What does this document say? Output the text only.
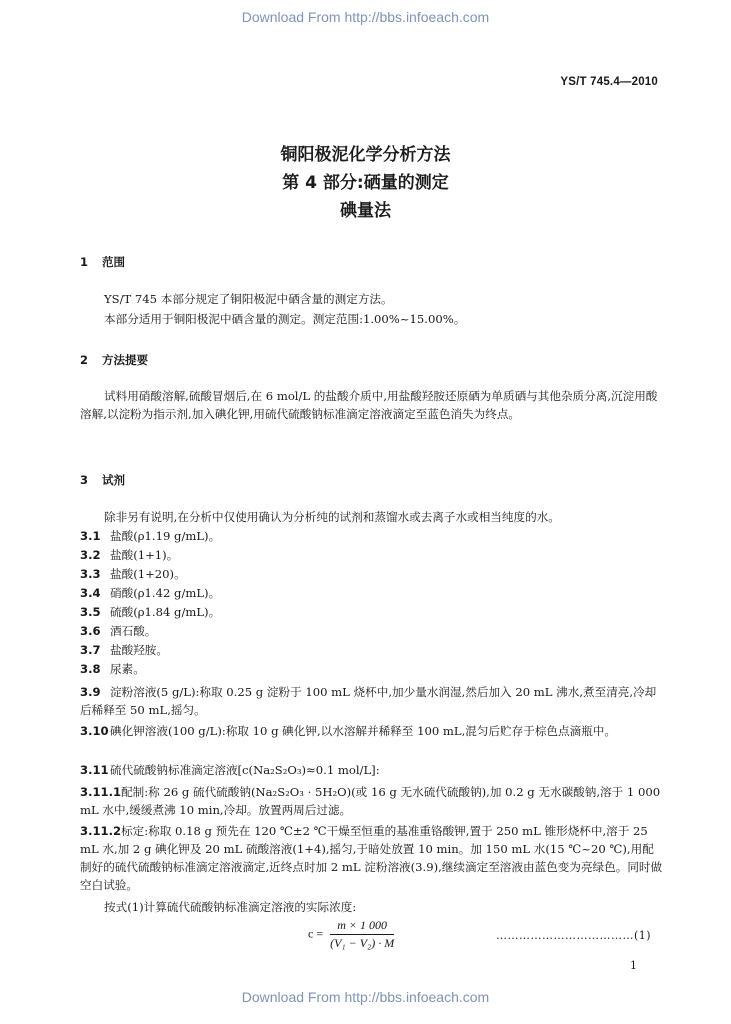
Download From http://bbs.infoeach.com
YS/T 745.4—2010
铜阳极泥化学分析方法
第 4 部分:硒量的测定
碘量法
1 范围
YS/T 745 本部分规定了铜阳极泥中硒含量的测定方法。
本部分适用于铜阳极泥中硒含量的测定。测定范围:1.00%~15.00%。
2 方法提要
试料用硝酸溶解,硫酸冒烟后,在 6 mol/L 的盐酸介质中,用盐酸羟胺还原硒为单质硒与其他杂质分离,沉淀用酸溶解,以淀粉为指示剂,加入碘化钾,用硫代硫酸钠标准滴定溶液滴定至蓝色消失为终点。
3 试剂
除非另有说明,在分析中仅使用确认为分析纯的试剂和蒸馏水或去离子水或相当纯度的水。
3.1 盐酸(ρ1.19 g/mL)。
3.2 盐酸(1+1)。
3.3 盐酸(1+20)。
3.4 硝酸(ρ1.42 g/mL)。
3.5 硫酸(ρ1.84 g/mL)。
3.6 酒石酸。
3.7 盐酸羟胺。
3.8 尿素。
3.9 淀粉溶液(5 g/L):称取 0.25 g 淀粉于 100 mL 烧杯中,加少量水润湿,然后加入 20 mL 沸水,煮至清亮,冷却后稀释至 50 mL,摇匀。
3.10碘化钾溶液(100 g/L):称取 10 g 碘化钾,以水溶解并稀释至 100 mL,混匀后贮存于棕色点滴瓶中。
3.11硫代硫酸钠标准滴定溶液[c(Na₂S₂O₃)≈0.1 mol/L]:
3.11.1配制:称 26 g 硫代硫酸钠(Na₂S₂O₃ · 5H₂O)(或 16 g 无水硫代硫酸钠),加 0.2 g 无水碳酸钠,溶于 1 000 mL 水中,缓缓煮沸 10 min,冷却。放置两周后过滤。
3.11.2标定:称取 0.18 g 预先在 120 ℃±2 ℃干燥至恒重的基准重铬酸钾,置于 250 mL 锥形烧杯中,溶于 25 mL 水,加 2 g 碘化钾及 20 mL 硫酸溶液(1+4),摇匀,于暗处放置 10 min。加 150 mL 水(15 ℃~20 ℃),用配制好的硫代硫酸钠标准滴定溶液滴定,近终点时加 2 mL 淀粉溶液(3.9),继续滴定至溶液由蓝色变为亮绿色。同时做空白试验。
按式(1)计算硫代硫酸钠标准滴定溶液的实际浓度:
$c = \frac{m \times 1 000}{\text{(V₁ − V₂) · M}}$	………………………………(1)
1
Download From http://bbs.infoeach.com
